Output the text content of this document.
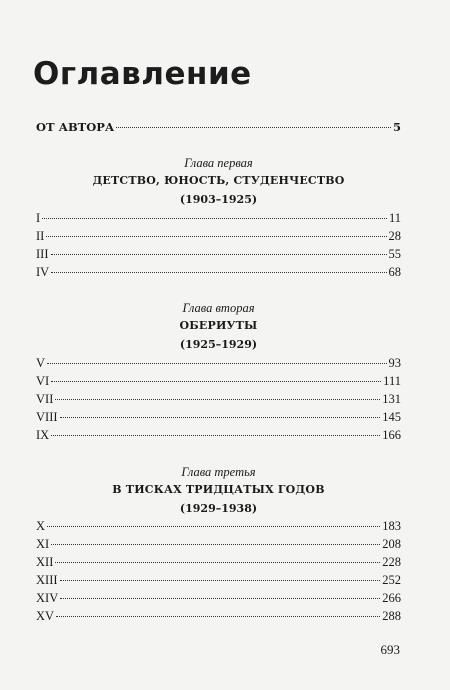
Оглавление
ОТ АВТОРА	5
Глава первая
ДЕТСТВО, ЮНОСТЬ, СТУДЕНЧЕСТВО
(1903–1925)
I	11
II	28
III	55
IV	68
Глава вторая
ОБЕРИУТЫ
(1925–1929)
V	93
VI	111
VII	131
VIII	145
IX	166
Глава третья
В ТИСКАХ ТРИДЦАТЫХ ГОДОВ
(1929–1938)
X	183
XI	208
XII	228
XIII	252
XIV	266
XV	288
693
